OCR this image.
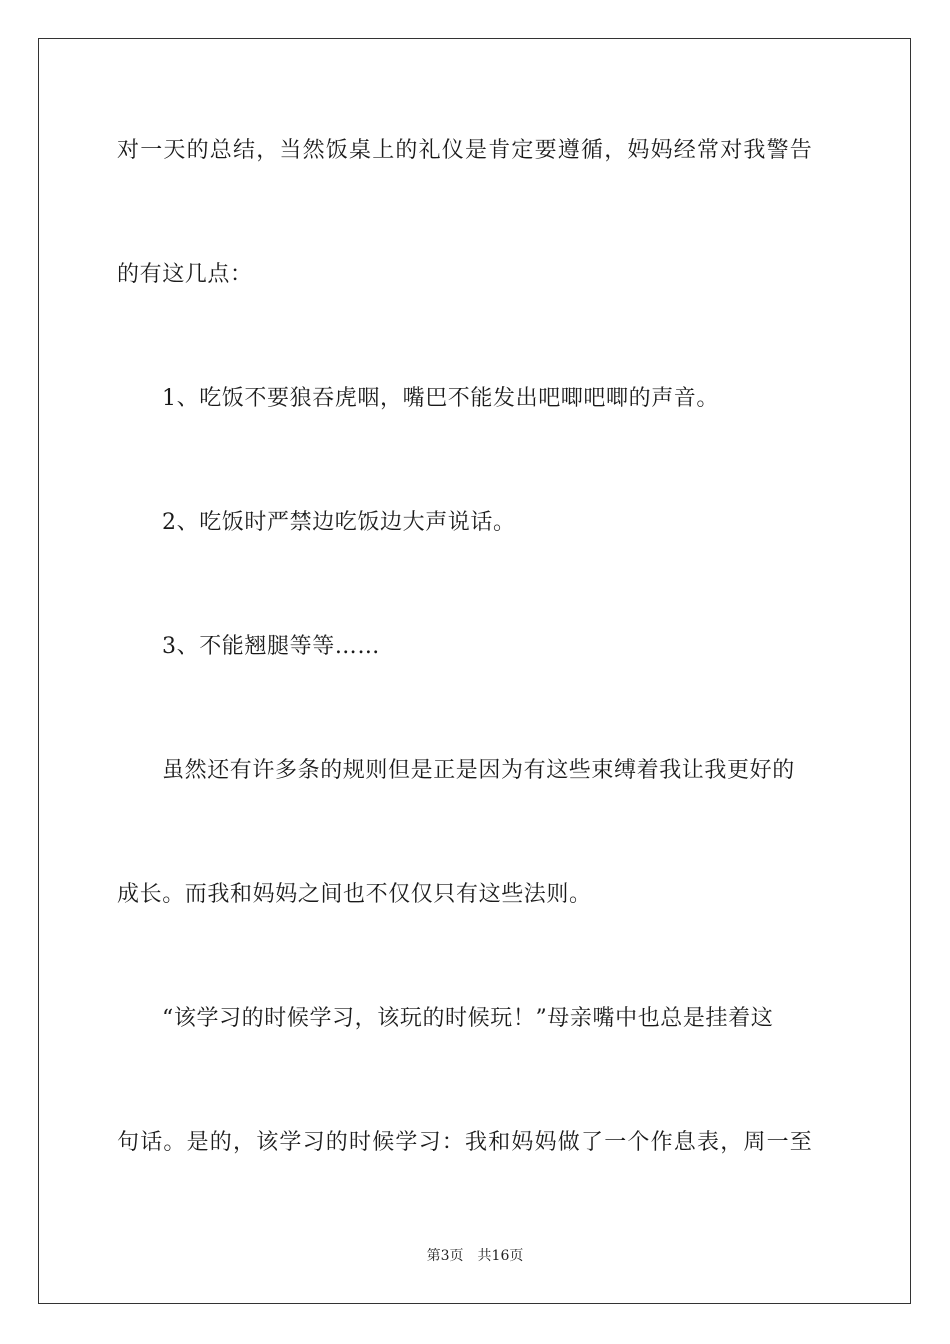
对一天的总结，当然饭桌上的礼仪是肯定要遵循，妈妈经常对我警告
的有这几点：
1、吃饭不要狼吞虎咽，嘴巴不能发出吧唧吧唧的声音。
2、吃饭时严禁边吃饭边大声说话。
3、不能翘腿等等……
虽然还有许多条的规则但是正是因为有这些束缚着我让我更好的
成长。而我和妈妈之间也不仅仅只有这些法则。
“该学习的时候学习，该玩的时候玩！”母亲嘴中也总是挂着这
句话。是的，该学习的时候学习：我和妈妈做了一个作息表，周一至
第3页 共16页
